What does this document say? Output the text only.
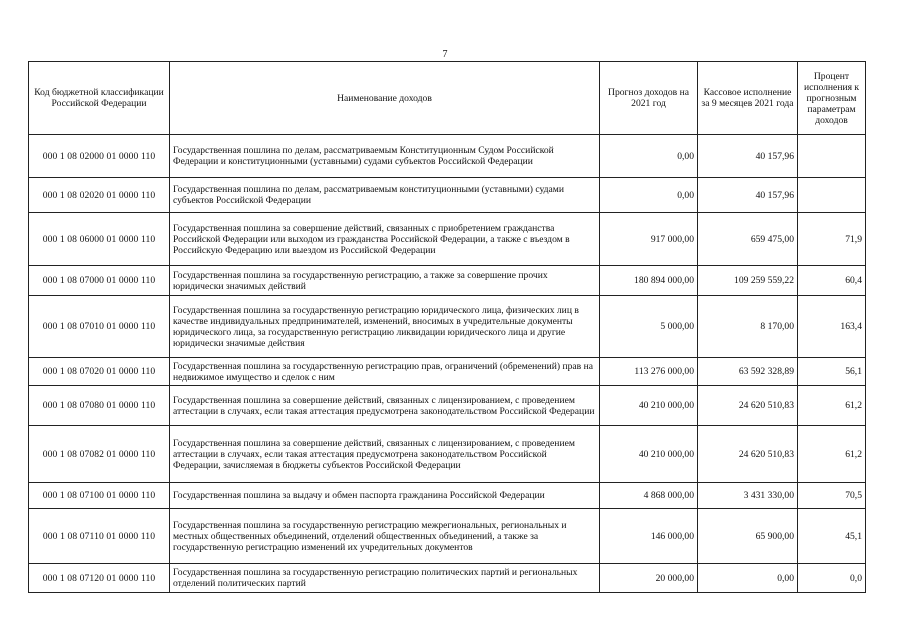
7
Код бюджетной классификации Российской Федерации	Наименование доходов	Прогноз доходов на 2021 год	Кассовое исполнение за 9 месяцев 2021 года	Процент исполнения к прогнозным параметрам доходов
000 1 08 02000 01 0000 110	Государственная пошлина по делам, рассматриваемым Конституционным Судом Российской Федерации и конституционными (уставными) судами субъектов Российской Федерации	0,00	40 157,96	
000 1 08 02020 01 0000 110	Государственная пошлина по делам, рассматриваемым конституционными (уставными) судами субъектов Российской Федерации	0,00	40 157,96	
000 1 08 06000 01 0000 110	Государственная пошлина за совершение действий, связанных с приобретением гражданства Российской Федерации или выходом из гражданства Российской Федерации, а также с въездом в Российскую Федерацию или выездом из Российской Федерации	917 000,00	659 475,00	71,9
000 1 08 07000 01 0000 110	Государственная пошлина за государственную регистрацию, а также за совершение прочих юридически значимых действий	180 894 000,00	109 259 559,22	60,4
000 1 08 07010 01 0000 110	Государственная пошлина за государственную регистрацию юридического лица, физических лиц в качестве индивидуальных предпринимателей, изменений, вносимых в учредительные документы юридического лица, за государственную регистрацию ликвидации юридического лица и другие юридически значимые действия	5 000,00	8 170,00	163,4
000 1 08 07020 01 0000 110	Государственная пошлина за государственную регистрацию прав, ограничений (обременений) прав на недвижимое имущество и сделок с ним	113 276 000,00	63 592 328,89	56,1
000 1 08 07080 01 0000 110	Государственная пошлина за совершение действий, связанных с лицензированием, с проведением аттестации в случаях, если такая аттестация предусмотрена законодательством Российской Федерации	40 210 000,00	24 620 510,83	61,2
000 1 08 07082 01 0000 110	Государственная пошлина за совершение действий, связанных с лицензированием, с проведением аттестации в случаях, если такая аттестация предусмотрена законодательством Российской Федерации, зачисляемая в бюджеты субъектов Российской Федерации	40 210 000,00	24 620 510,83	61,2
000 1 08 07100 01 0000 110	Государственная пошлина за выдачу и обмен паспорта гражданина Российской Федерации	4 868 000,00	3 431 330,00	70,5
000 1 08 07110 01 0000 110	Государственная пошлина за государственную регистрацию межрегиональных, региональных и местных общественных объединений, отделений общественных объединений, а также за государственную регистрацию изменений их учредительных документов	146 000,00	65 900,00	45,1
000 1 08 07120 01 0000 110	Государственная пошлина за государственную регистрацию политических партий и региональных отделений политических партий	20 000,00	0,00	0,0
